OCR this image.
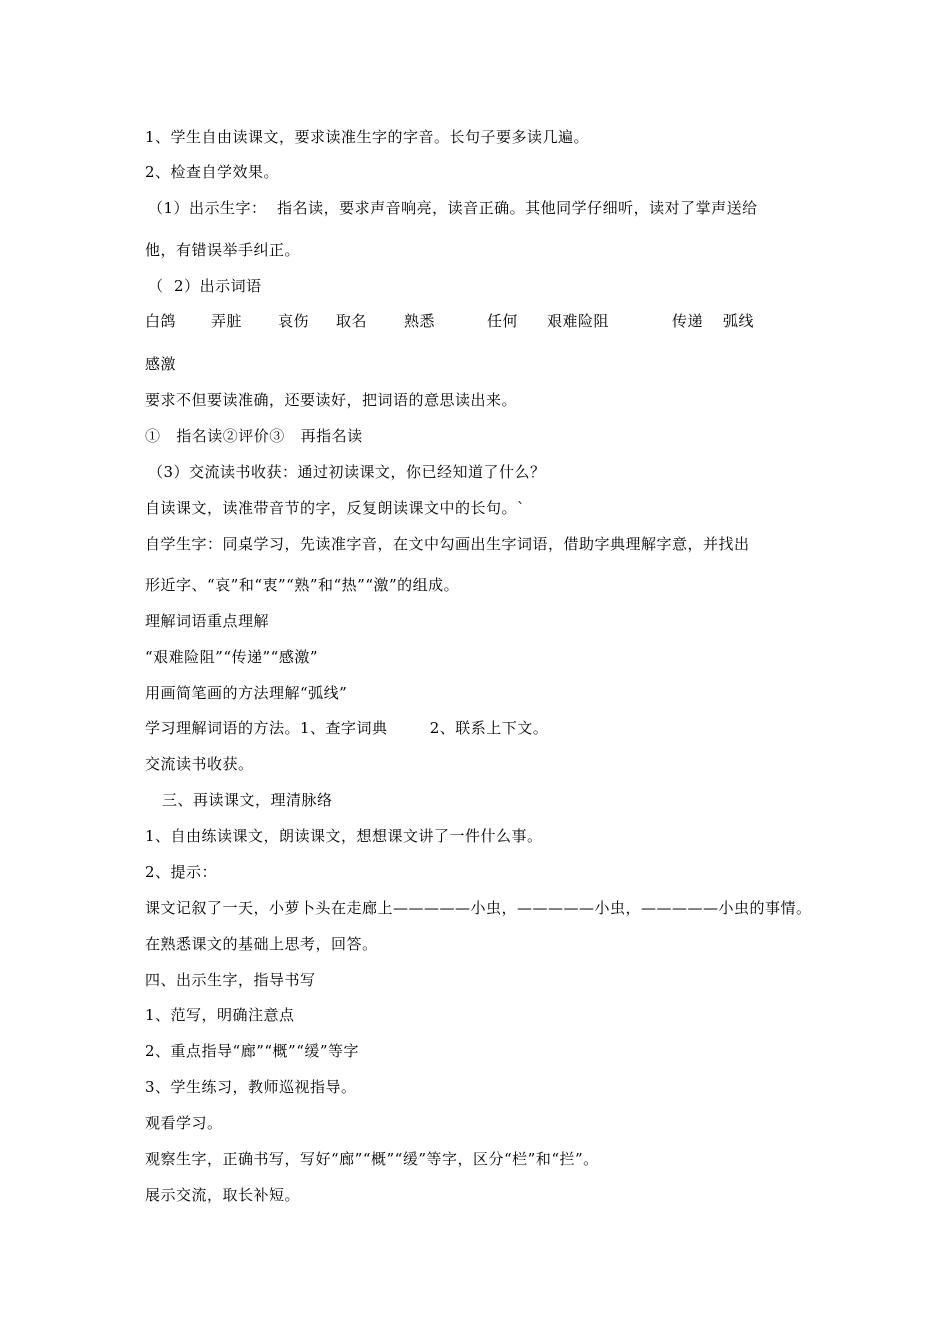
1、学生自由读课文，要求读准生字的字音。长句子要多读几遍。
2、检查自学效果。
（1）出示生字：  指名读，要求声音响亮，读音正确。其他同学仔细听，读对了掌声送给
他，有错误举手纠正。
（  2）出示词语
白鸽 弄脏 哀伤 取名 熟悉	任何 艰难险阻	传递 弧线
感激
要求不但要读准确，还要读好，把词语的意思读出来。
①   指名读②评价③   再指名读
（3）交流读书收获：通过初读课文，你已经知道了什么？
自读课文，读准带音节的字，反复朗读课文中的长句。`
自学生字：同桌学习，先读准字音，在文中勾画出生字词语，借助字典理解字意，并找出
形近字、“哀”和“衷”“熟”和“热”“激”的组成。
理解词语重点理解
“艰难险阻”“传递”“感激”
用画简笔画的方法理解“弧线”
学习理解词语的方法。1、查字词典        2、联系上下文。
交流读书收获。
三、再读课文，理清脉络
1、自由练读课文，朗读课文，想想课文讲了一件什么事。
2、提示：
课文记叙了一天，小萝卜头在走廊上—————小虫，—————小虫，—————小虫的事情。
在熟悉课文的基础上思考，回答。
四、出示生字，指导书写
1、范写，明确注意点
2、重点指导“廊”“概”“缓”等字
3、学生练习，教师巡视指导。
观看学习。
观察生字，正确书写，写好“廊”“概”“缓”等字，区分“栏”和“拦”。
展示交流，取长补短。
